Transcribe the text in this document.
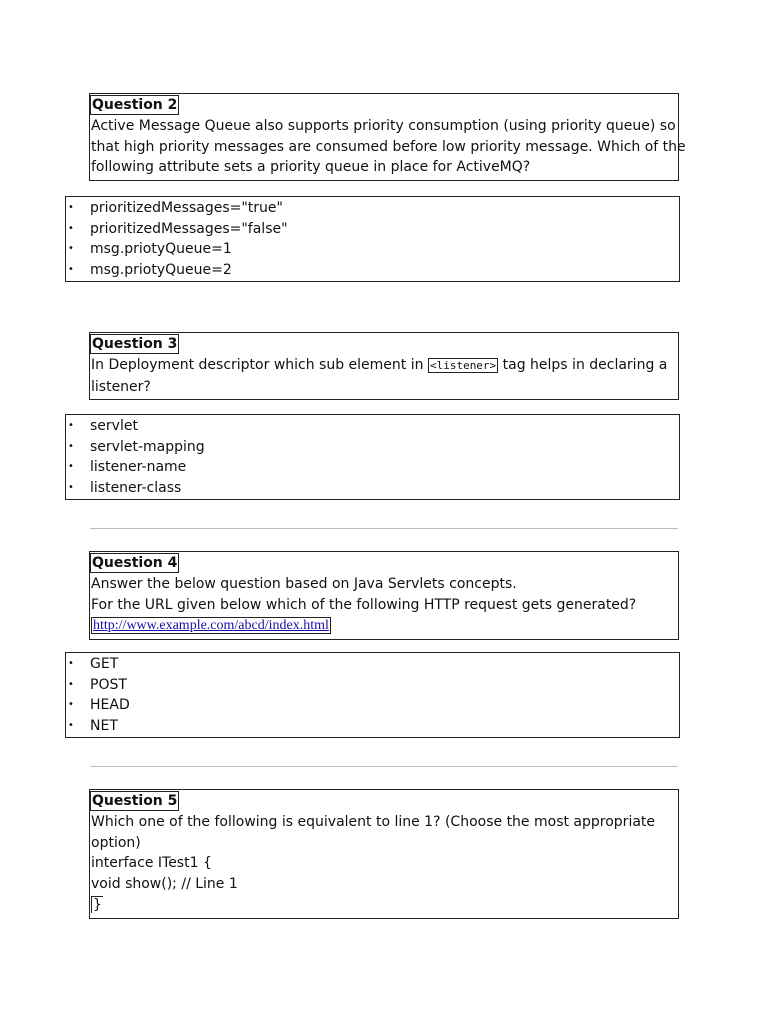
Question 2
Active Message Queue also supports priority consumption (using priority queue) so
that high priority messages are consumed before low priority message. Which of the
following attribute sets a priority queue in place for ActiveMQ?
• prioritizedMessages="true"
• prioritizedMessages="false"
• msg.priotyQueue=1
• msg.priotyQueue=2
Question 3
In Deployment descriptor which sub element in <listener> tag helps in declaring a
listener?
• servlet
• servlet-mapping
• listener-name
• listener-class
Question 4
Answer the below question based on Java Servlets concepts.
For the URL given below which of the following HTTP request gets generated?
http://www.example.com/abcd/index.html
• GET
• POST
• HEAD
• NET
Question 5
Which one of the following is equivalent to line 1? (Choose the most appropriate
option)
interface ITest1 {
void show(); // Line 1
}
